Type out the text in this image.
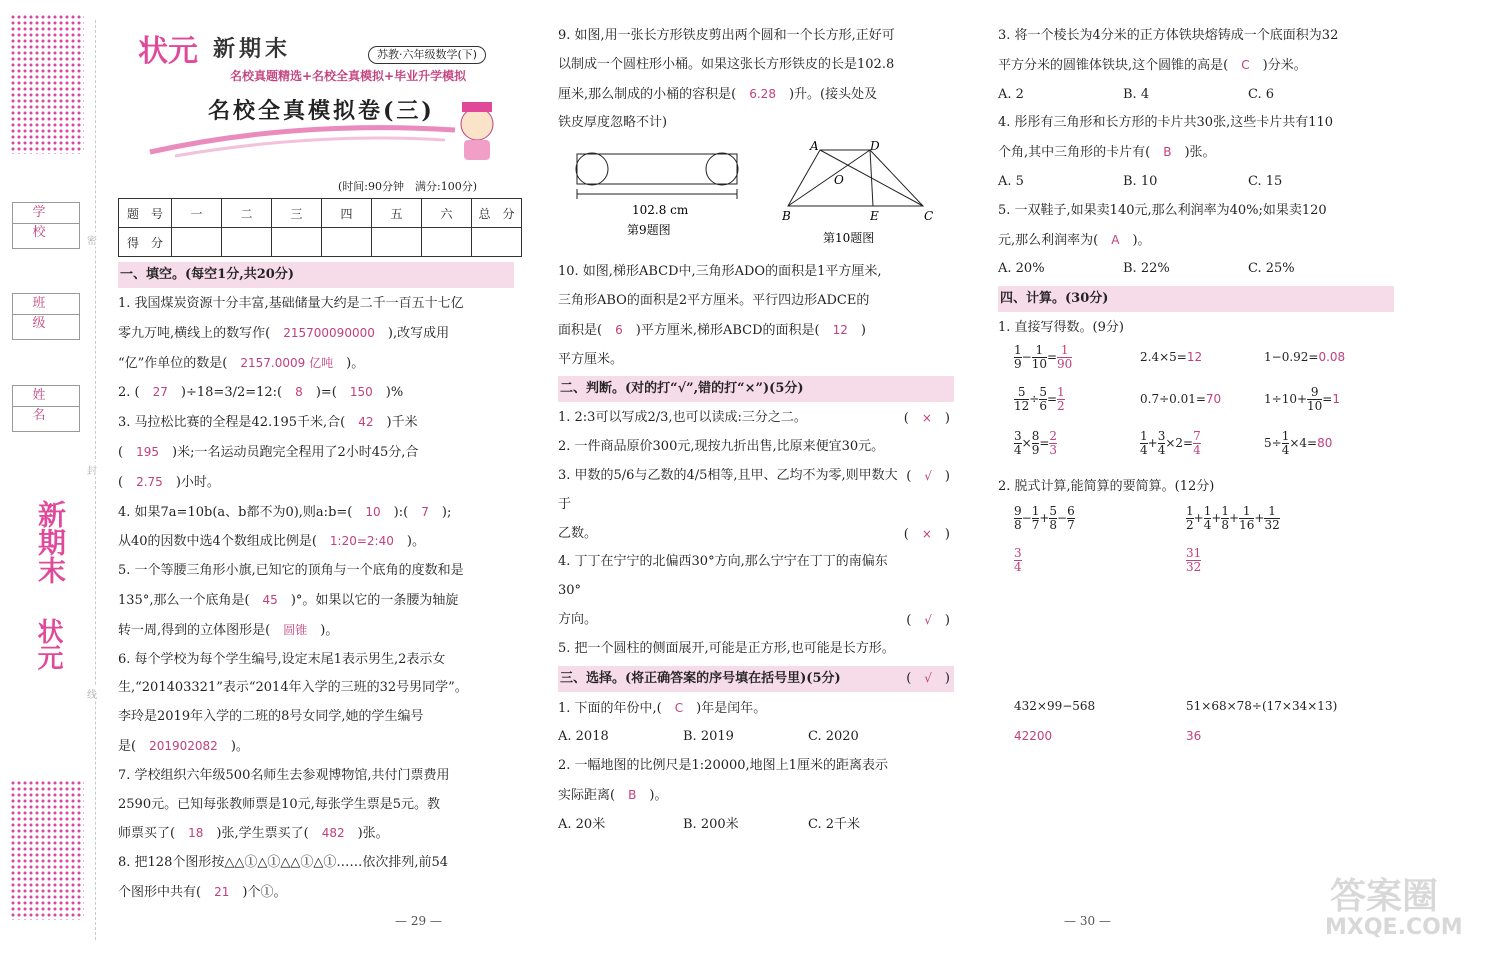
学 校
班 级
姓 名
新期末
状元
密
封
线
状元 新期末	苏教·六年级数学(下)
名校真题精选+名校全真模拟+毕业升学模拟
名校全真模拟卷(三)
(时间:90分钟　满分:100分)
题　号	一	二	三	四	五	六	总　分
得　分							
一、填空。(每空1分,共20分)
1. 我国煤炭资源十分丰富,基础储量大约是二千一百五十七亿
零九万吨,横线上的数写作(　 215700090000　 ),改写成用
“亿”作单位的数是(　 2157.0009 亿吨　 )。
2. (　 27　 )÷18=3/2=12:(　 8　 )=(　 150　 )%
3. 马拉松比赛的全程是42.195千米,合(　 42　 )千米
(　 195　 )米;一名运动员跑完全程用了2小时45分,合
(　 2.75　 )小时。
4. 如果7a=10b(a、b都不为0),则a:b=(　 10　 ):(　 7　 );
从40的因数中选4个数组成比例是(　 1:20=2:40　 )。
5. 一个等腰三角形小旗,已知它的顶角与一个底角的度数和是
135°,那么一个底角是(　 45　 )°。如果以它的一条腰为轴旋
转一周,得到的立体图形是(　 圆锥　 )。
6. 每个学校为每个学生编号,设定末尾1表示男生,2表示女
生,“201403321”表示“2014年入学的三班的32号男同学”。
李玲是2019年入学的二班的8号女同学,她的学生编号
是(　 201902082　 )。
7. 学校组织六年级500名师生去参观博物馆,共付门票费用
2590元。已知每张教师票是10元,每张学生票是5元。教
师票买了(　 18　 )张,学生票买了(　 482　 )张。
8. 把128个图形按△△①△①△△①△①……依次排列,前54
个图形中共有(　 21　 )个①。
9. 如图,用一张长方形铁皮剪出两个圆和一个长方形,正好可
以制成一个圆柱形小桶。如果这张长方形铁皮的长是102.8
厘米,那么制成的小桶的容积是(　 6.28　 )升。(接头处及
铁皮厚度忽略不计)
102.8 cm
第9题图
A	D
O
B	E	C
第10题图
10. 如图,梯形ABCD中,三角形ADO的面积是1平方厘米,
三角形ABO的面积是2平方厘米。平行四边形ADCE的
面积是(　 6　 )平方厘米,梯形ABCD的面积是(　 12　 )
平方厘米。
二、判断。(对的打“√”,错的打“×”)(5分)
1. 2:3可以写成2/3,也可以读成:三分之二。	(　×　)
2. 一件商品原价300元,现按九折出售,比原来便宜30元。
(　√　)
3. 甲数的5/6与乙数的4/5相等,且甲、乙均不为零,则甲数大于
乙数。	(　×　)
4. 丁丁在宁宁的北偏西30°方向,那么宁宁在丁丁的南偏东30°
方向。	(　√　)
5. 把一个圆柱的侧面展开,可能是正方形,也可能是长方形。
(　√　)
三、选择。(将正确答案的序号填在括号里)(5分)
1. 下面的年份中,(　 C　 )年是闰年。
A. 2018	B. 2019	C. 2020
2. 一幅地图的比例尺是1:20000,地图上1厘米的距离表示
实际距离(　 B　 )。
A. 20米	B. 200米	C. 2千米
3. 将一个棱长为4分米的正方体铁块熔铸成一个底面积为32
平方分米的圆锥体铁块,这个圆锥的高是(　 C　 )分米。
A. 2	B. 4	C. 6
4. 彤彤有三角形和长方形的卡片共30张,这些卡片共有110
个角,其中三角形的卡片有(　 B　 )张。
A. 5	B. 10	C. 15
5. 一双鞋子,如果卖140元,那么利润率为40%;如果卖120
元,那么利润率为(　 A　 )。
A. 20%	B. 22%	C. 25%
四、计算。(30分)
1. 直接写得数。(9分)
$\frac{1}{9} - \frac{1}{10} = \frac{1}{90}$	2.4×5=12	1−0.92=0.08
$\frac{5}{12} \div \frac{5}{6} = \frac{1}{2}$	0.7÷0.01=70	$1\div 10+ \frac{9}{10} =1$
$\frac{3}{4} \times \frac{8}{9} = \frac{2}{3}$	$\frac{1}{4} + \frac{3}{4} \times 2= \frac{7}{4}$	$5\div \frac{1}{4} \times 4=80$
2. 脱式计算,能简算的要简算。(12分)
$\frac{9}{8} - \frac{1}{7} + \frac{5}{8} - \frac{6}{7}$
$\frac{3}{4}$
$\frac{1}{2} + \frac{1}{4} + \frac{1}{8} + \frac{1}{16} + \frac{1}{32}$
$\frac{31}{32}$
432×99−568
42200
51×68×78÷(17×34×13)
36
— 29 —	— 30 —
答案圈
MXQE.COM
